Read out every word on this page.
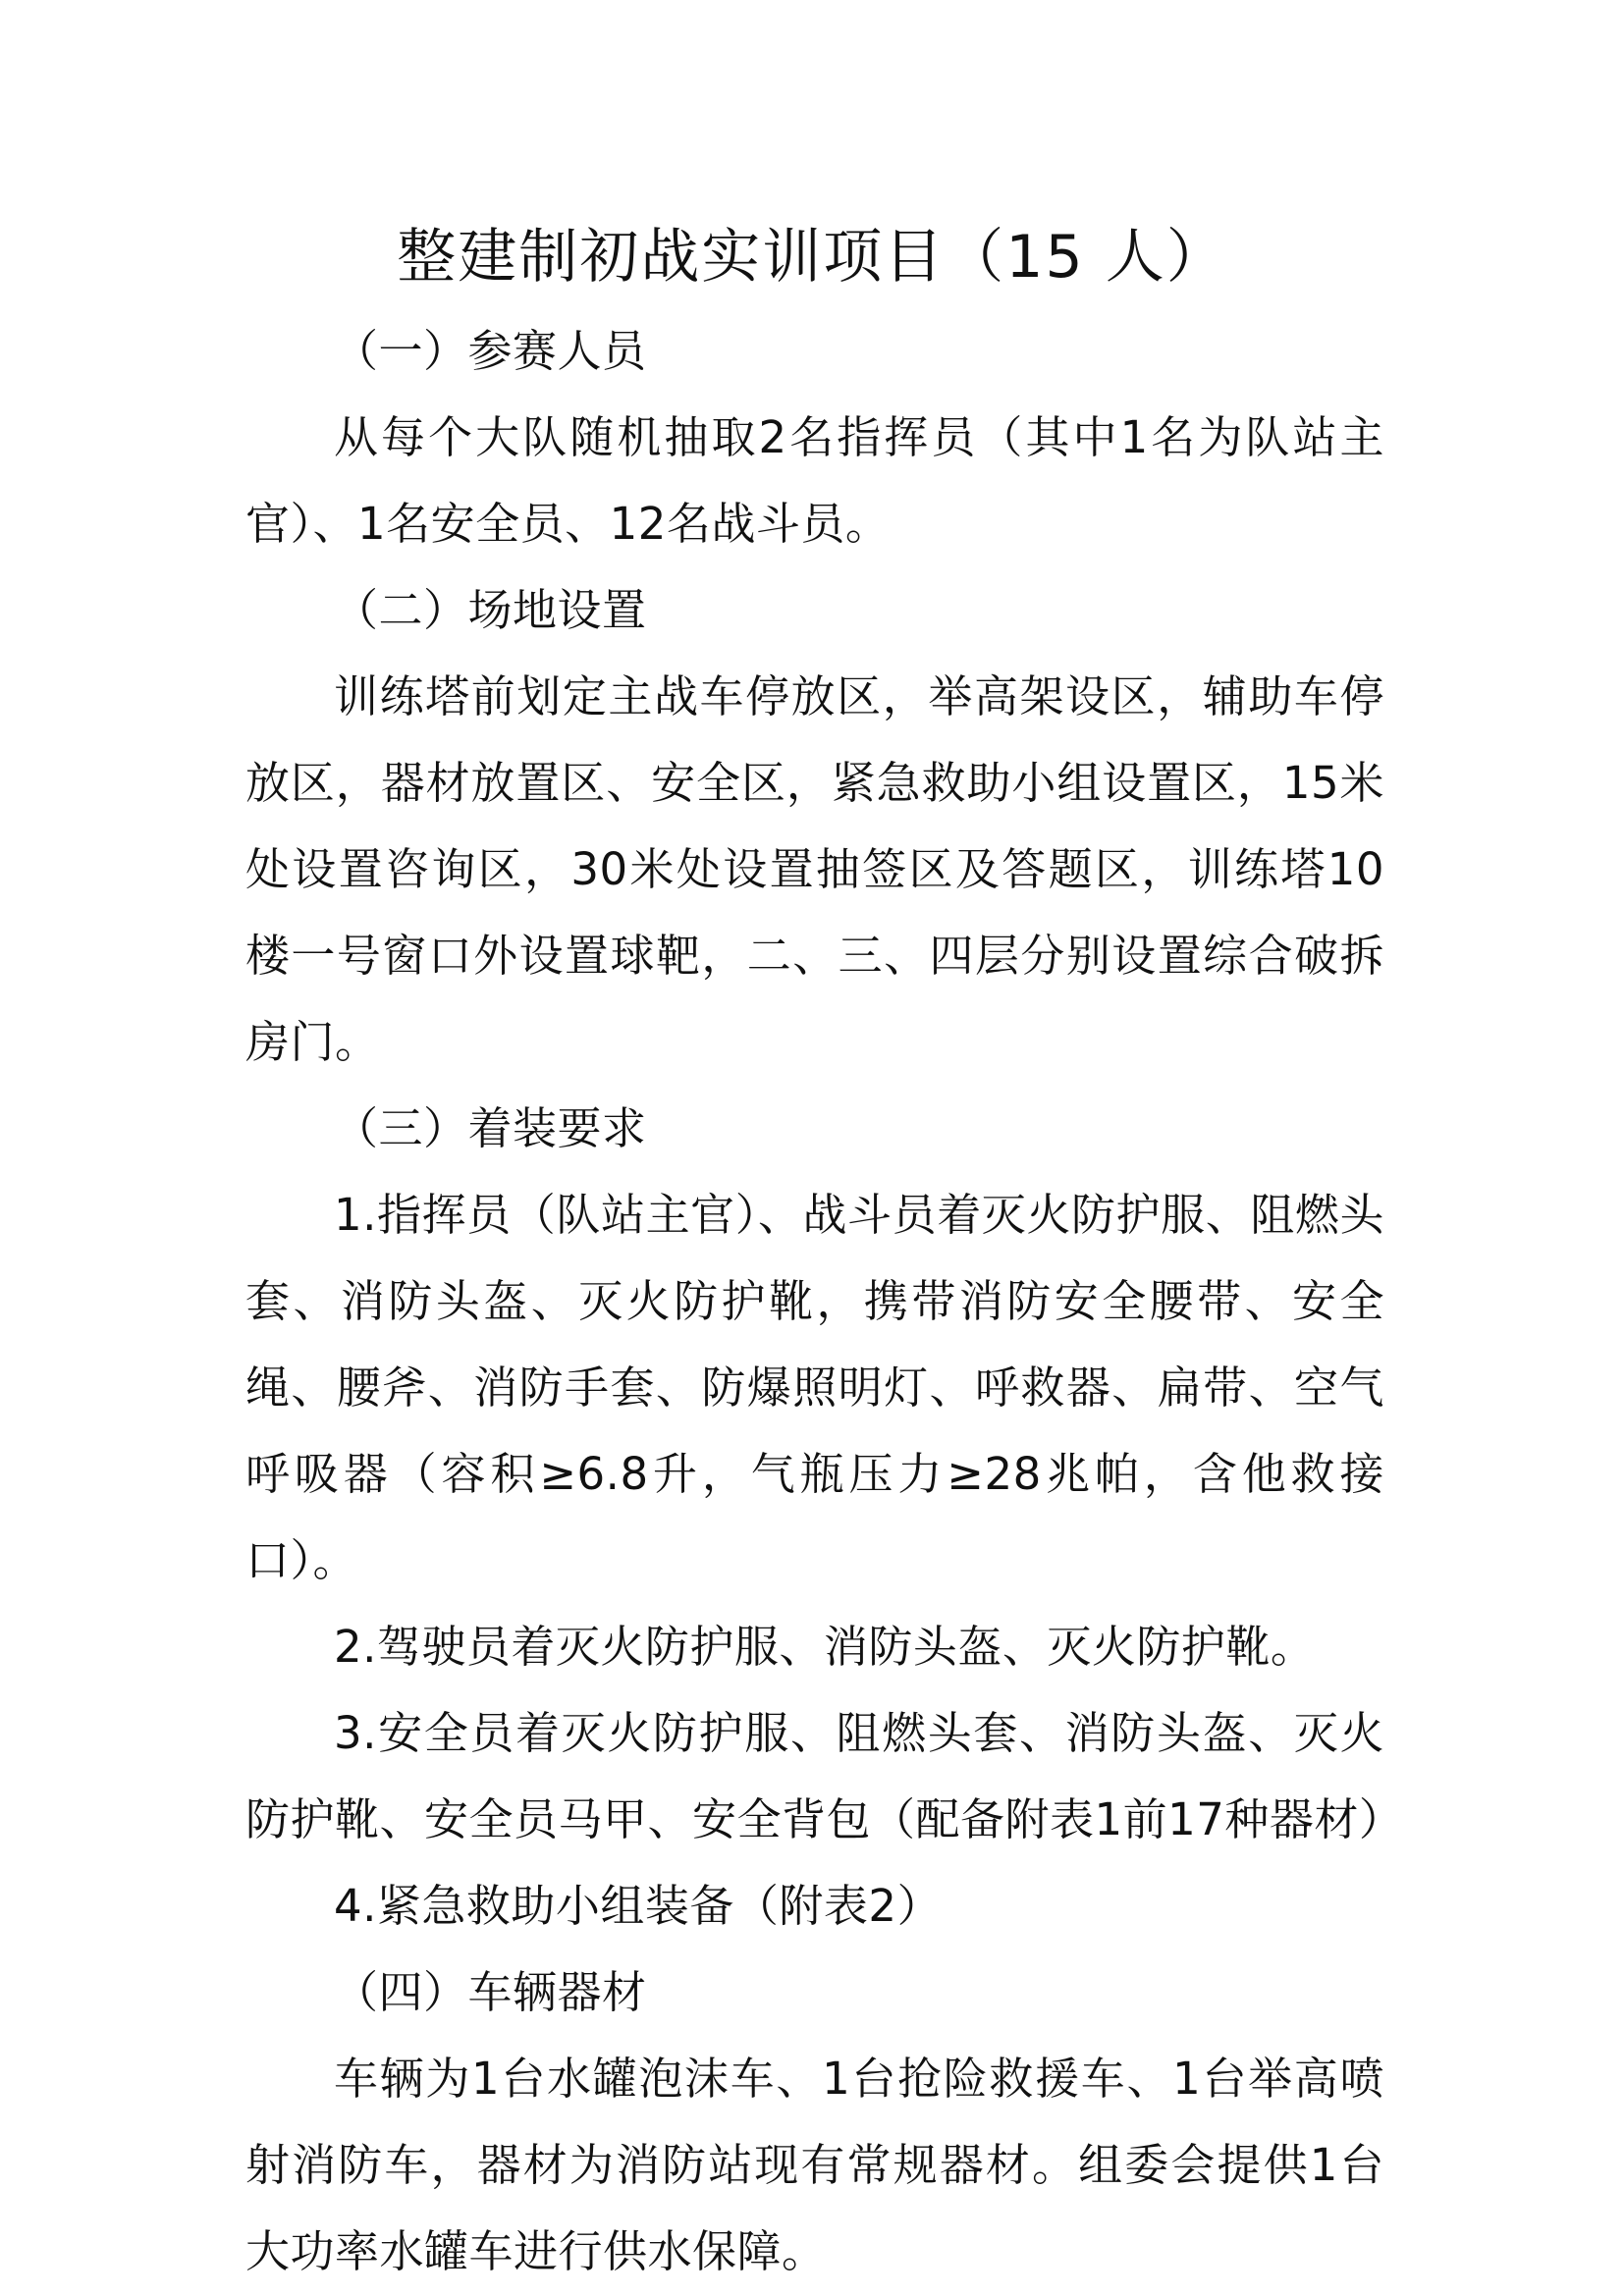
整建制初战实训项目（15 人）

（一）参赛人员

从每个大队随机抽取2名指挥员（其中1名为队站主官）、1名安全员、12名战斗员。

（二）场地设置

训练塔前划定主战车停放区，举高架设区，辅助车停放区，器材放置区、安全区，紧急救助小组设置区，15米处设置咨询区，30米处设置抽签区及答题区，训练塔10楼一号窗口外设置球靶，二、三、四层分别设置综合破拆房门。

（三）着装要求

1.指挥员（队站主官）、战斗员着灭火防护服、阻燃头套、消防头盔、灭火防护靴，携带消防安全腰带、安全绳、腰斧、消防手套、防爆照明灯、呼救器、扁带、空气呼吸器（容积≥6.8升，气瓶压力≥28兆帕，含他救接口）。

2.驾驶员着灭火防护服、消防头盔、灭火防护靴。

3.安全员着灭火防护服、阻燃头套、消防头盔、灭火防护靴、安全员马甲、安全背包（配备附表1前17种器材）

4.紧急救助小组装备（附表2）

（四）车辆器材

车辆为1台水罐泡沫车、1台抢险救援车、1台举高喷射消防车，器材为消防站现有常规器材。组委会提供1台大功率水罐车进行供水保障。
